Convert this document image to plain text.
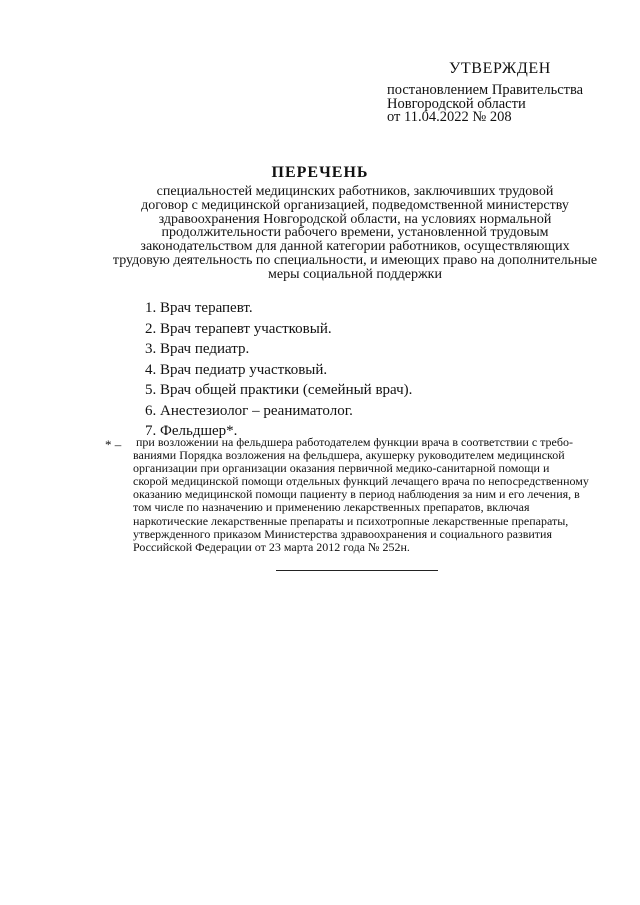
УТВЕРЖДЕН
постановлением Правительства
Новгородской области
от 11.04.2022 № 208
ПЕРЕЧЕНЬ
специальностей медицинских работников, заключивших трудовой
договор с медицинской организацией, подведомственной министерству
здравоохранения Новгородской области, на условиях нормальной
продолжительности рабочего времени, установленной трудовым
законодательством для данной категории работников, осуществляющих
трудовую деятельность по специальности, и имеющих право на дополнительные
меры социальной поддержки
1. Врач терапевт.
2. Врач терапевт участковый.
3. Врач педиатр.
4. Врач педиатр участковый.
5. Врач общей практики (семейный врач).
6. Анестезиолог – реаниматолог.
7. Фельдшер*.
* – при возложении на фельдшера работодателем функции врача в соответствии с требо-
ваниями Порядка возложения на фельдшера, акушерку руководителем медицинской
организации при организации оказания первичной медико-санитарной помощи и
скорой медицинской помощи отдельных функций лечащего врача по непосредственному
оказанию медицинской помощи пациенту в период наблюдения за ним и его лечения, в
том числе по назначению и применению лекарственных препаратов, включая
наркотические лекарственные препараты и психотропные лекарственные препараты,
утвержденного приказом Министерства здравоохранения и социального развития
Российской Федерации от 23 марта 2012 года № 252н.
